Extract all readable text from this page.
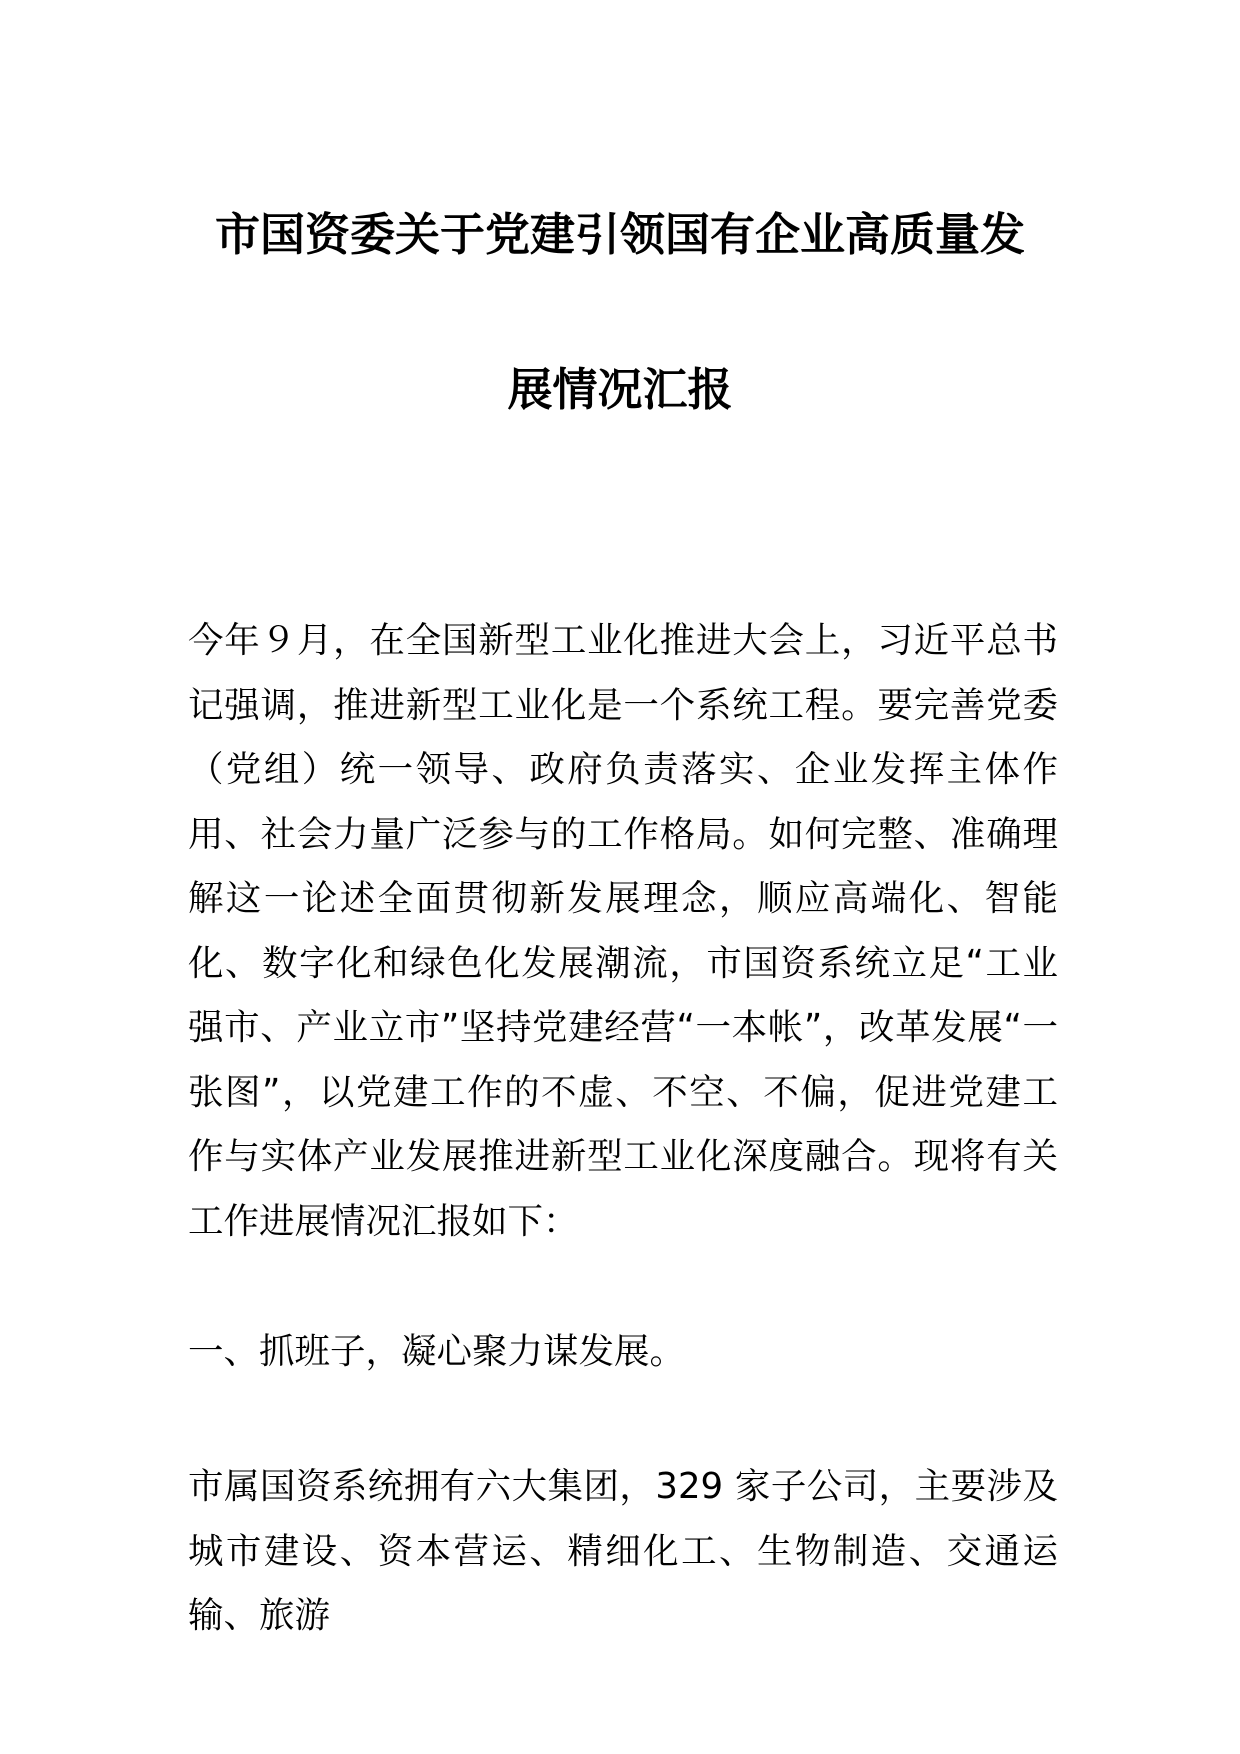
市国资委关于党建引领国有企业高质量发
展情况汇报
今年９月，在全国新型工业化推进大会上，习近平总书记强调，推进新型工业化是一个系统工程。要完善党委（党组）统一领导、政府负责落实、企业发挥主体作用、社会力量广泛参与的工作格局。如何完整、准确理解这一论述全面贯彻新发展理念，顺应高端化、智能化、数字化和绿色化发展潮流，市国资系统立足“工业强市、产业立市”坚持党建经营“一本帐”，改革发展“一张图”，以党建工作的不虚、不空、不偏，促进党建工作与实体产业发展推进新型工业化深度融合。现将有关工作进展情况汇报如下：
一、抓班子，凝心聚力谋发展。
市属国资系统拥有六大集团，329 家子公司，主要涉及城市建设、资本营运、精细化工、生物制造、交通运输、旅游
